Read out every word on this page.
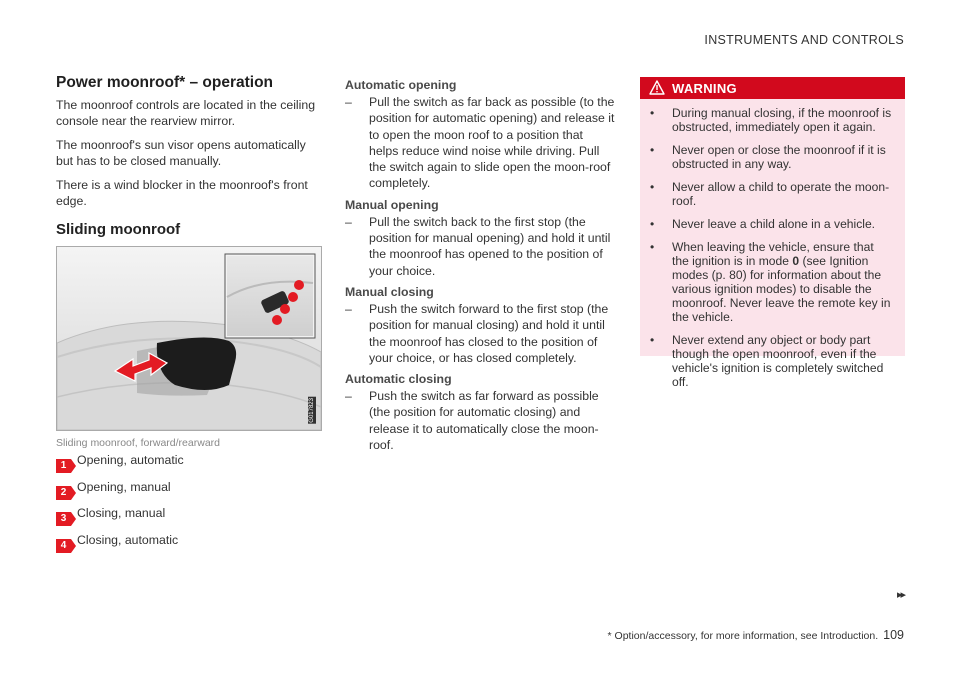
INSTRUMENTS AND CONTROLS
Power moonroof* – operation

The moonroof controls are located in the ceiling console near the rearview mirror.

The moonroof's sun visor opens automatically but has to be closed manually.

There is a wind blocker in the moonroof's front edge.

Sliding moonroof
G017823
Sliding moonroof, forward/rearward
1 Opening, automatic
2 Opening, manual
3 Closing, manual
4 Closing, automatic
Automatic opening
– Pull the switch as far back as possible (to the position for automatic opening) and release it to open the moon roof to a position that helps reduce wind noise while driving. Pull the switch again to slide open the moon-roof completely.
Manual opening
– Pull the switch back to the first stop (the position for manual opening) and hold it until the moonroof has opened to the position of your choice.
Manual closing
– Push the switch forward to the first stop (the position for manual closing) and hold it until the moonroof has closed to the position of your choice, or has closed completely.
Automatic closing
– Push the switch as far forward as possible (the position for automatic closing) and release it to automatically close the moon-roof.
WARNING
• During manual closing, if the moonroof is obstructed, immediately open it again.
• Never open or close the moonroof if it is obstructed in any way.
• Never allow a child to operate the moon-roof.
• Never leave a child alone in a vehicle.
• When leaving the vehicle, ensure that the ignition is in mode 0 (see Ignition modes (p. 80) for information about the various ignition modes) to disable the moonroof. Never leave the remote key in the vehicle.
• Never extend any object or body part though the open moonroof, even if the vehicle's ignition is completely switched off.
▸▸
* Option/accessory, for more information, see Introduction. 109
